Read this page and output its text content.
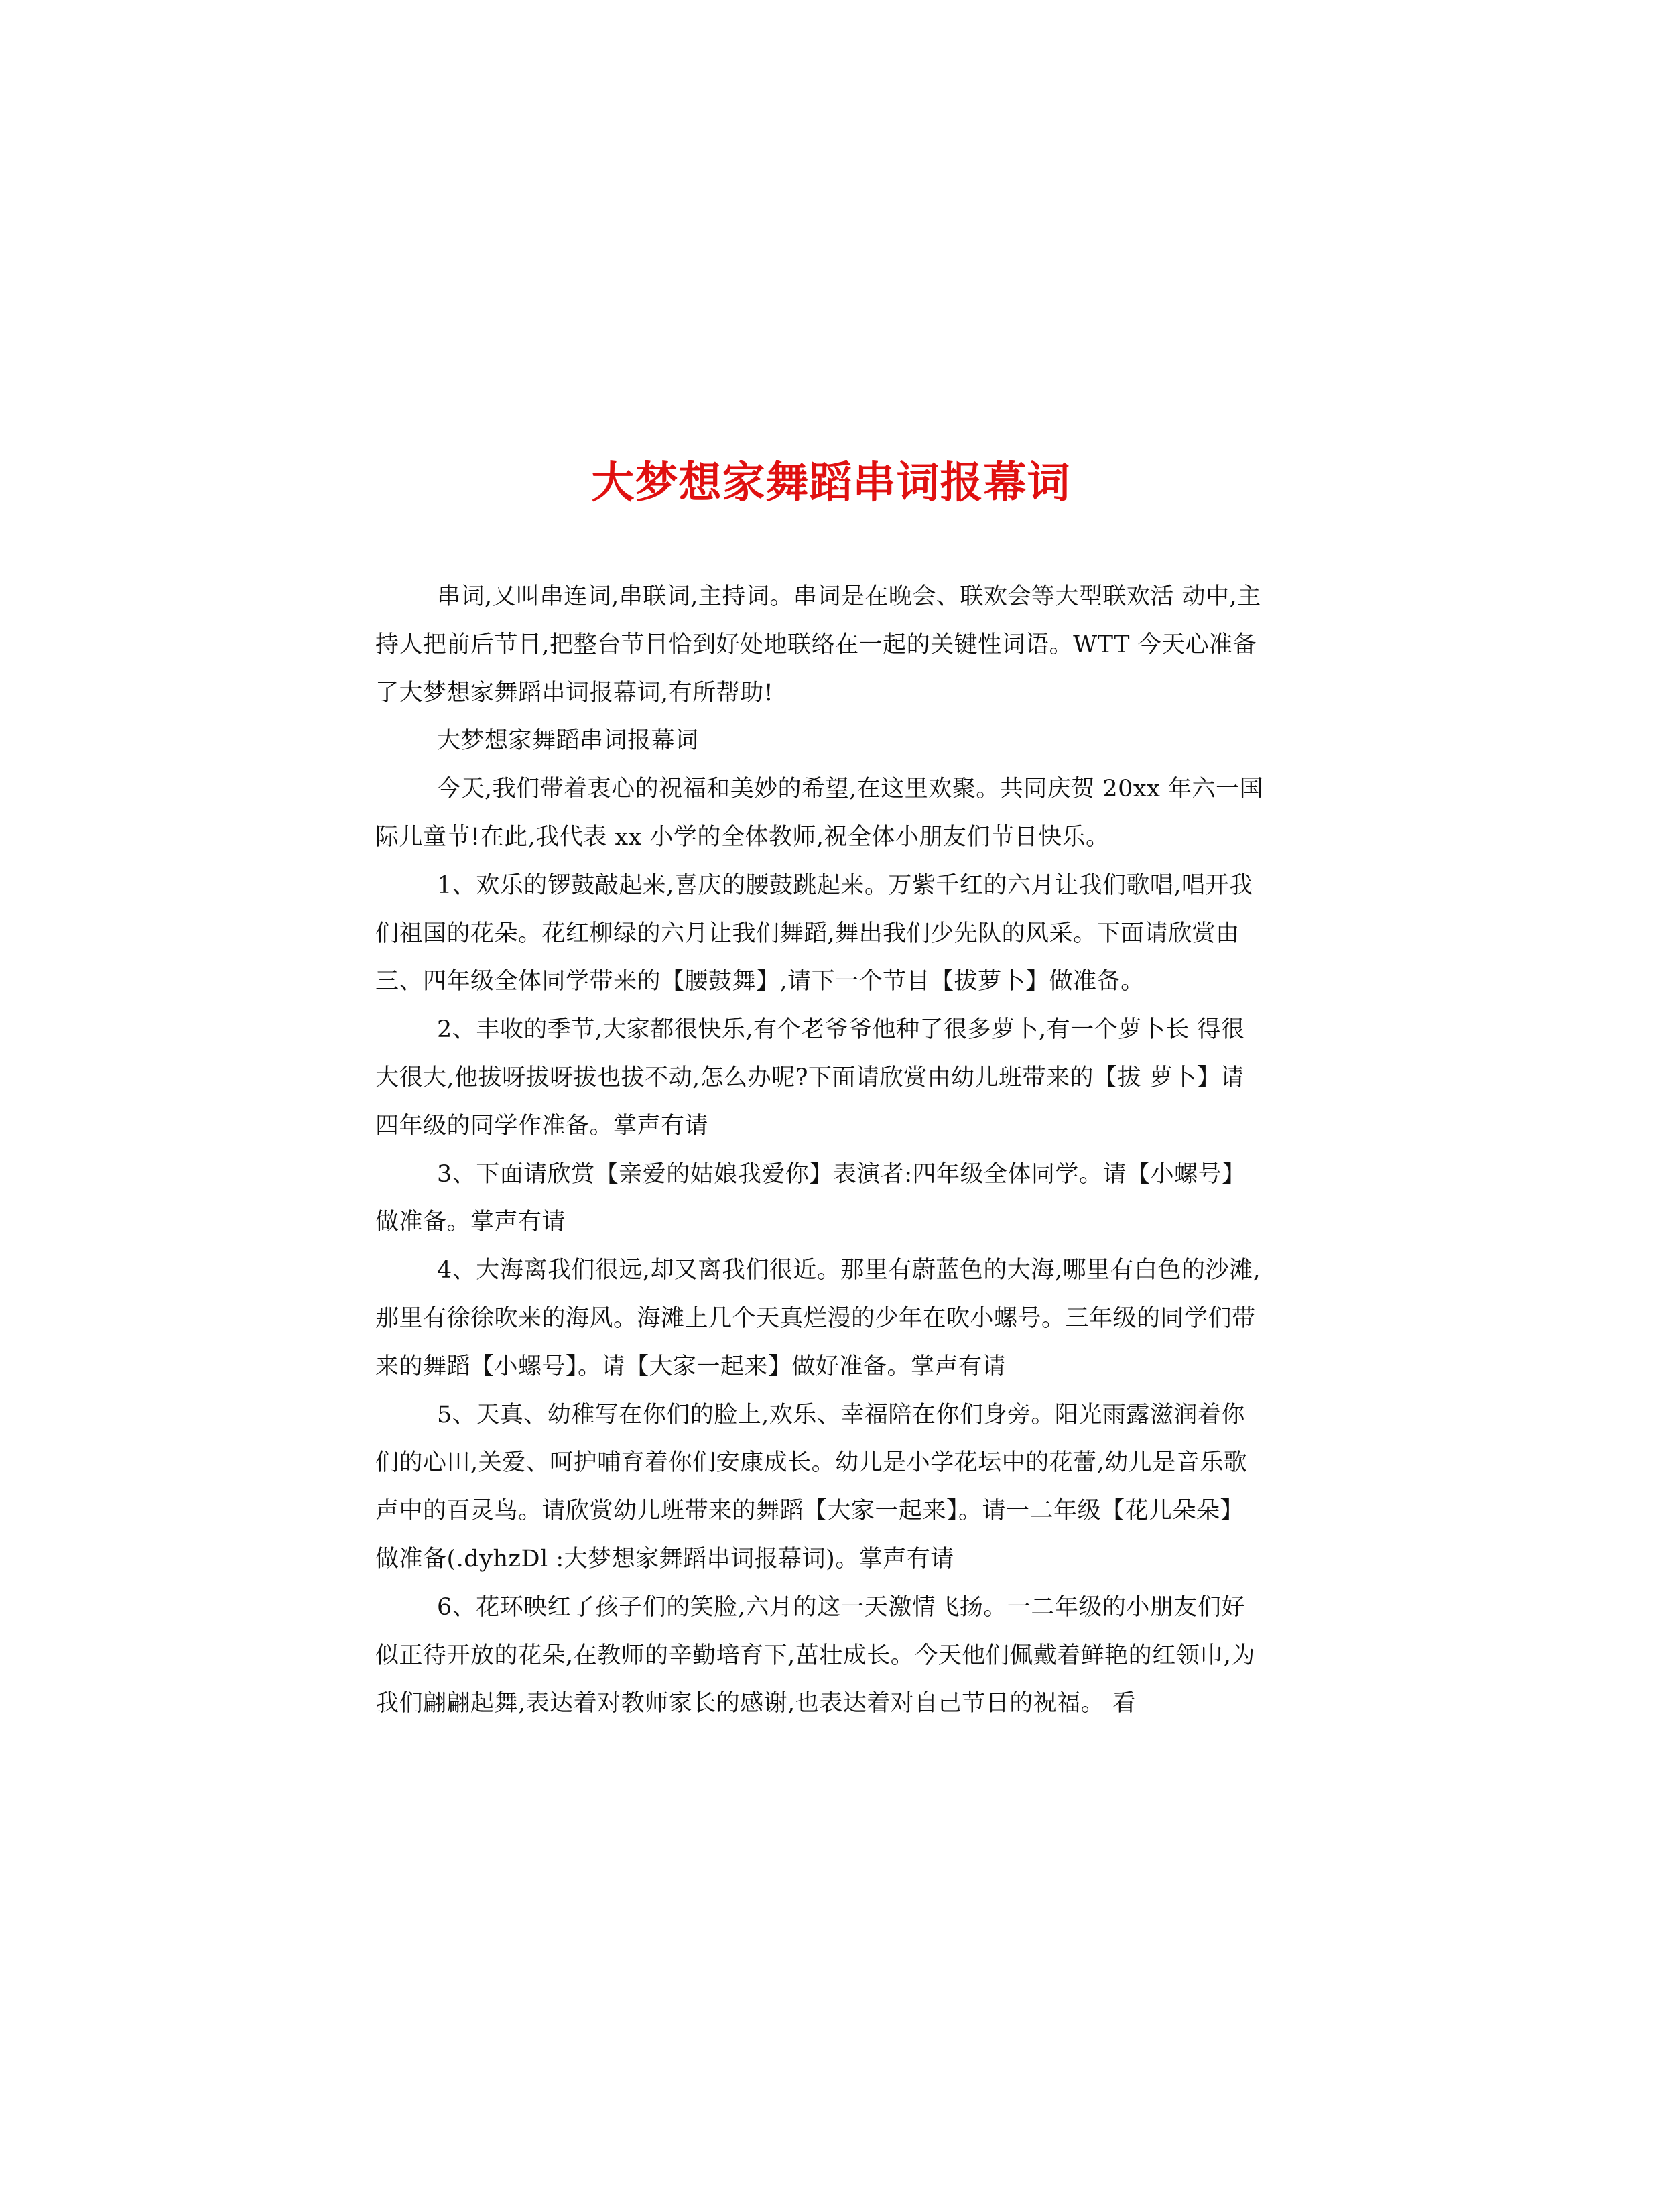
大梦想家舞蹈串词报幕词

串词,又叫串连词,串联词,主持词。串词是在晚会、联欢会等大型联欢活 动中,主持人把前后节目,把整台节目恰到好处地联络在一起的关键性词语。WTT 今天心准备了大梦想家舞蹈串词报幕词,有所帮助!

大梦想家舞蹈串词报幕词

今天,我们带着衷心的祝福和美妙的希望,在这里欢聚。共同庆贺 20xx 年六一国际儿童节!在此,我代表 xx 小学的全体教师,祝全体小朋友们节日快乐。

1、欢乐的锣鼓敲起来,喜庆的腰鼓跳起来。万紫千红的六月让我们歌唱,唱开我们祖国的花朵。花红柳绿的六月让我们舞蹈,舞出我们少先队的风采。下面请欣赏由三、四年级全体同学带来的【腰鼓舞】,请下一个节目【拔萝卜】做准备。

2、丰收的季节,大家都很快乐,有个老爷爷他种了很多萝卜,有一个萝卜长 得很大很大,他拔呀拔呀拔也拔不动,怎么办呢?下面请欣赏由幼儿班带来的【拔 萝卜】请四年级的同学作准备。掌声有请

3、下面请欣赏【亲爱的姑娘我爱你】表演者:四年级全体同学。请【小螺号】做准备。掌声有请

4、大海离我们很远,却又离我们很近。那里有蔚蓝色的大海,哪里有白色的沙滩,那里有徐徐吹来的海风。海滩上几个天真烂漫的少年在吹小螺号。三年级的同学们带来的舞蹈【小螺号】。请【大家一起来】做好准备。掌声有请

5、天真、幼稚写在你们的脸上,欢乐、幸福陪在你们身旁。阳光雨露滋润着你们的心田,关爱、呵护哺育着你们安康成长。幼儿是小学花坛中的花蕾,幼儿是音乐歌声中的百灵鸟。请欣赏幼儿班带来的舞蹈【大家一起来】。请一二年级【花儿朵朵】做准备(.dyhzDl :大梦想家舞蹈串词报幕词)。掌声有请

6、花环映红了孩子们的笑脸,六月的这一天激情飞扬。一二年级的小朋友们好似正待开放的花朵,在教师的辛勤培育下,茁壮成长。今天他们佩戴着鲜艳的红领巾,为我们翩翩起舞,表达着对教师家长的感谢,也表达着对自己节日的祝福。 看
